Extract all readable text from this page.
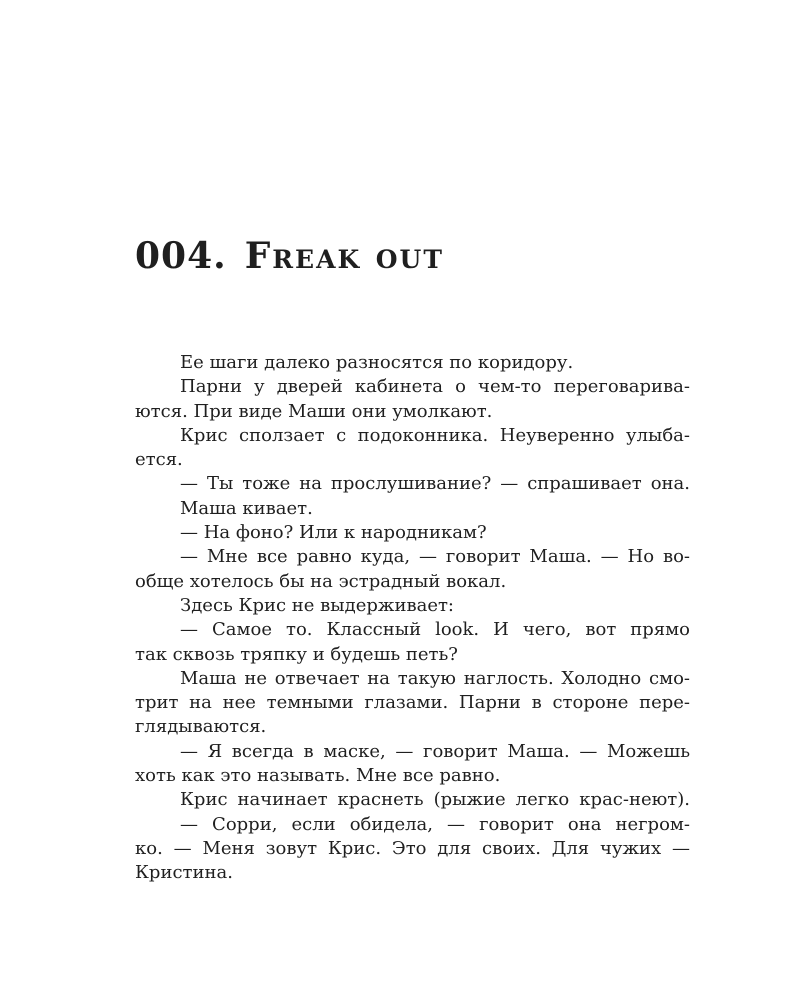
004. Freak out
Ее шаги далеко разносятся по коридору.
Парни у дверей кабинета о чем-то переговарива-
ются. При виде Маши они умолкают.
Крис сползает с подоконника. Неуверенно улыба-
ется.
— Ты тоже на прослушивание? — спрашивает она.
Маша кивает.
— На фоно? Или к народникам?
— Мне все равно куда, — говорит Маша. — Но во-
обще хотелось бы на эстрадный вокал.
Здесь Крис не выдерживает:
— Самое то. Классный look. И чего, вот прямо
так сквозь тряпку и будешь петь?
Маша не отвечает на такую наглость. Холодно смо-
трит на нее темными глазами. Парни в стороне пере-
глядываются.
— Я всегда в маске, — говорит Маша. — Можешь
хоть как это называть. Мне все равно.
Крис начинает краснеть (рыжие легко крас-неют).
— Сорри, если обидела, — говорит она негром-
ко. — Меня зовут Крис. Это для своих. Для чужих —
Кристина.
